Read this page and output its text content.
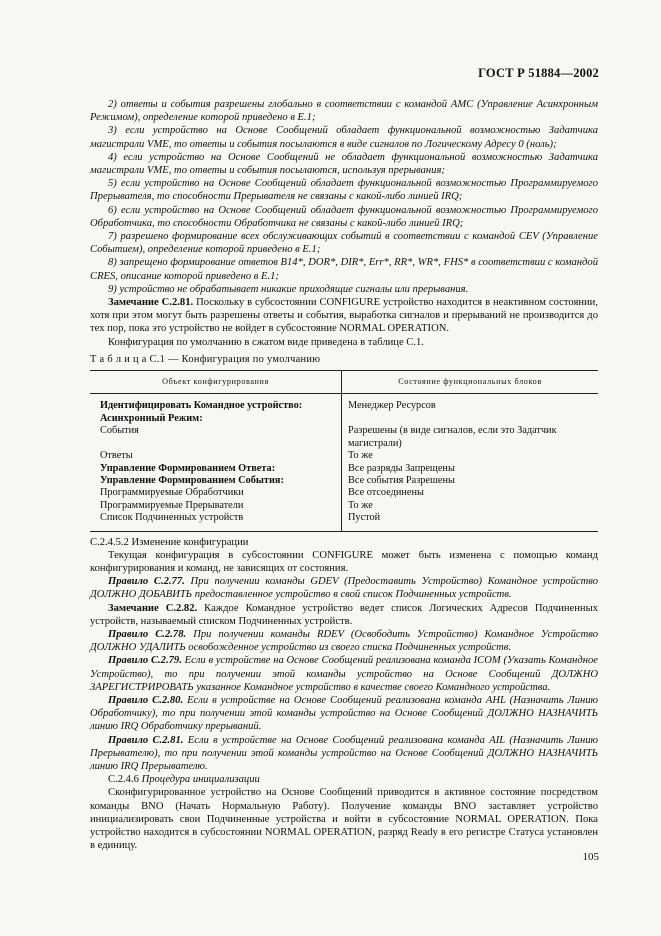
ГОСТ Р 51884—2002

2) ответы и события разрешены глобально в соответствии с командой AMC (Управление Асинхронным Режимом), определение которой приведено в Е.1;

3) если устройство на Основе Сообщений обладает функциональной возможностью Задатчика магистрали VME, то ответы и события посылаются в виде сигналов по Логическому Адресу 0 (ноль);

4) если устройство на Основе Сообщений не обладает функциональной возможностью Задатчика магистрали VME, то ответы и события посылаются, используя прерывания;

5) если устройство на Основе Сообщений обладает функциональной возможностью Программируемого Прерывателя, то способности Прерывателя не связаны с какой-либо линией IRQ;

6) если устройство на Основе Сообщений обладает функциональной возможностью Программируемого Обработчика, то способности Обработчика не связаны с какой-либо линией IRQ;

7) разрешено формирование всех обслуживающих событий в соответствии с командой CEV (Управление Событием), определение которой приведено в Е.1;

8) запрещено формирование ответов B14*, DOR*, DIR*, Err*, RR*, WR*, FHS* в соответствии с командой CRES, описание которой приведено в Е.1;

9) устройство не обрабатывает никакие приходящие сигналы или прерывания.

Замечание С.2.81. Поскольку в субсостоянии CONFIGURE устройство находится в неактивном состоянии, хотя при этом могут быть разрешены ответы и события, выработка сигналов и прерываний не производится до тех пор, пока это устройство не войдет в субсостояние NORMAL OPERATION.

Конфигурация по умолчанию в сжатом виде приведена в таблице С.1.

Т а б л и ц а С.1 — Конфигурация по умолчанию
Объект конфигурирования	Состояние функциональных блоков
Идентифицировать Командное устройство:	Менеджер Ресурсов
Асинхронный Режим:	
События	Разрешены (в виде сигналов, если это Задатчик магистрали)
Ответы	То же
Управление Формированием Ответа:	Все разряды Запрещены
Управление Формированием События:	Все события Разрешены
Программируемые Обработчики	Все отсоединены
Программируемые Прерыватели	То же
Список Подчиненных устройств	Пустой

С.2.4.5.2 Изменение конфигурации

Текущая конфигурация в субсостоянии CONFIGURE может быть изменена с помощью команд конфигурирования и команд, не зависящих от состояния.

Правило С.2.77. При получении команды GDEV (Предоставить Устройство) Командное устройство ДОЛЖНО ДОБАВИТЬ предоставленное устройство в свой список Подчиненных устройств.

Замечание С.2.82. Каждое Командное устройство ведет список Логических Адресов Подчиненных устройств, называемый списком Подчиненных устройств.

Правило С.2.78. При получении команды RDEV (Освободить Устройство) Командное Устройство ДОЛЖНО УДАЛИТЬ освобожденное устройство из своего списка Подчиненных устройств.

Правило С.2.79. Если в устройстве на Основе Сообщений реализована команда ICOM (Указать Командное Устройство), то при получении этой команды устройство на Основе Сообщений ДОЛЖНО ЗАРЕГИСТРИРОВАТЬ указанное Командное устройство в качестве своего Командного устройства.

Правило С.2.80. Если в устройстве на Основе Сообщений реализована команда AHL (Назначить Линию Обработчику), то при получении этой команды устройство на Основе Сообщений ДОЛЖНО НАЗНАЧИТЬ линию IRQ Обработчику прерываний.

Правило С.2.81. Если в устройстве на Основе Сообщений реализована команда AIL (Назначить Линию Прерывателю), то при получении этой команды устройство на Основе Сообщений ДОЛЖНО НАЗНАЧИТЬ линию IRQ Прерывателю.

С.2.4.6 Процедура инициализации

Сконфигурированное устройство на Основе Сообщений приводится в активное состояние посредством команды BNO (Начать Нормальную Работу). Получение команды BNO заставляет устройство инициализировать свои Подчиненные устройства и войти в субсостояние NORMAL OPERATION. Пока устройство находится в субсостоянии NORMAL OPERATION, разряд Ready в его регистре Статуса установлен в единицу.

105
